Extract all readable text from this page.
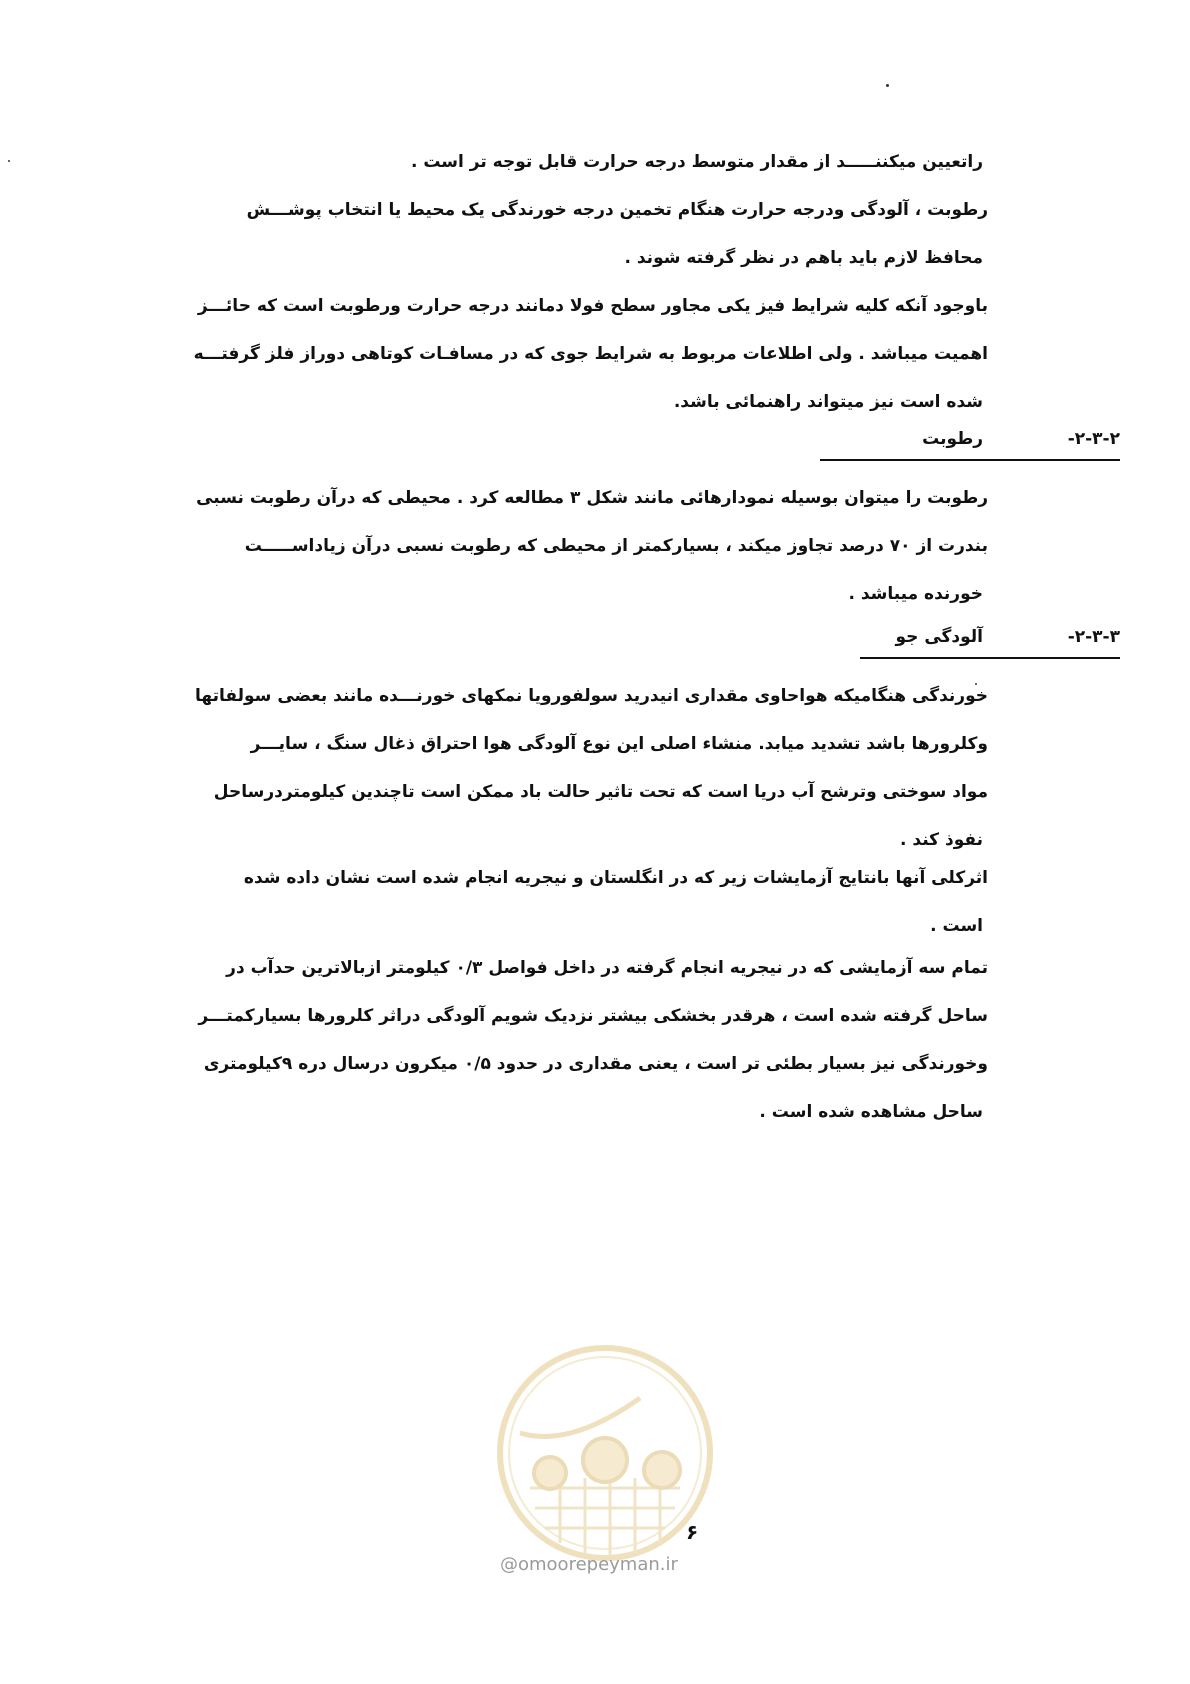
راتعیین میکننـــــد از مقدار متوسط درجه حرارت قابل توجه تر است .
رطوبت ، آلودگی ودرجه حرارت هنگام تخمین درجه خورندگی یک محیط یا انتخاب پوشـــش
محافظ لازم باید باهم در نظر گرفته شوند .
باوجود آنکه کلیه شرایط فیز یکی مجاور سطح فولا دمانند درجه حرارت ورطوبت است که حائـــز
اهمیت میباشد . ولی اطلاعات مربوط به شرایط جوی که در مسافـات کوتاهی دوراز فلز گرفتـــه
شده است نیز میتواند راهنمائی باشد.
۲-۳-۲-
رطوبت
رطوبت را میتوان بوسیله نمودارهائی مانند شکل ۳ مطالعه کرد . محیطی که درآن رطوبت نسبی
بندرت از ۷۰ درصد تجاوز میکند ، بسیارکمتر از محیطی که رطوبت نسبی درآن زیاداســـــت
خورنده میباشد .
۲-۳-۳-
آلودگی جو
خورندگی هنگامیکه هواحاوی مقداری انیدرید سولفورویا نمکهای خورنـــده مانند بعضی سولفاتها
وکلرورها باشد تشدید میابد. منشاء اصلی این نوع آلودگی هوا احتراق ذغال سنگ ، سایـــر
مواد سوختی وترشح آب دریا است که تحت تاثیر حالت باد ممکن است تاچندین کیلومتردرساحل
نفوذ کند .
اثرکلی آنها بانتایج آزمایشات زیر که در انگلستان و نیجریه انجام شده است نشان داده شده
است .
تمام سه آزمایشی که در نیجریه انجام گرفته در داخل فواصل ۰/۳ کیلومتر ازبالاترین حدآب در
ساحل گرفته شده است ، هرقدر بخشکی بیشتر نزدیک شویم آلودگی دراثر کلرورها بسیارکمتـــر
وخورندگی نیز بسیار بطئی تر است ، یعنی مقداری در حدود ۰/۵ میکرون درسال دره ۹کیلومتری
ساحل مشاهده شده است .
۶
@omoorepeyman.ir
